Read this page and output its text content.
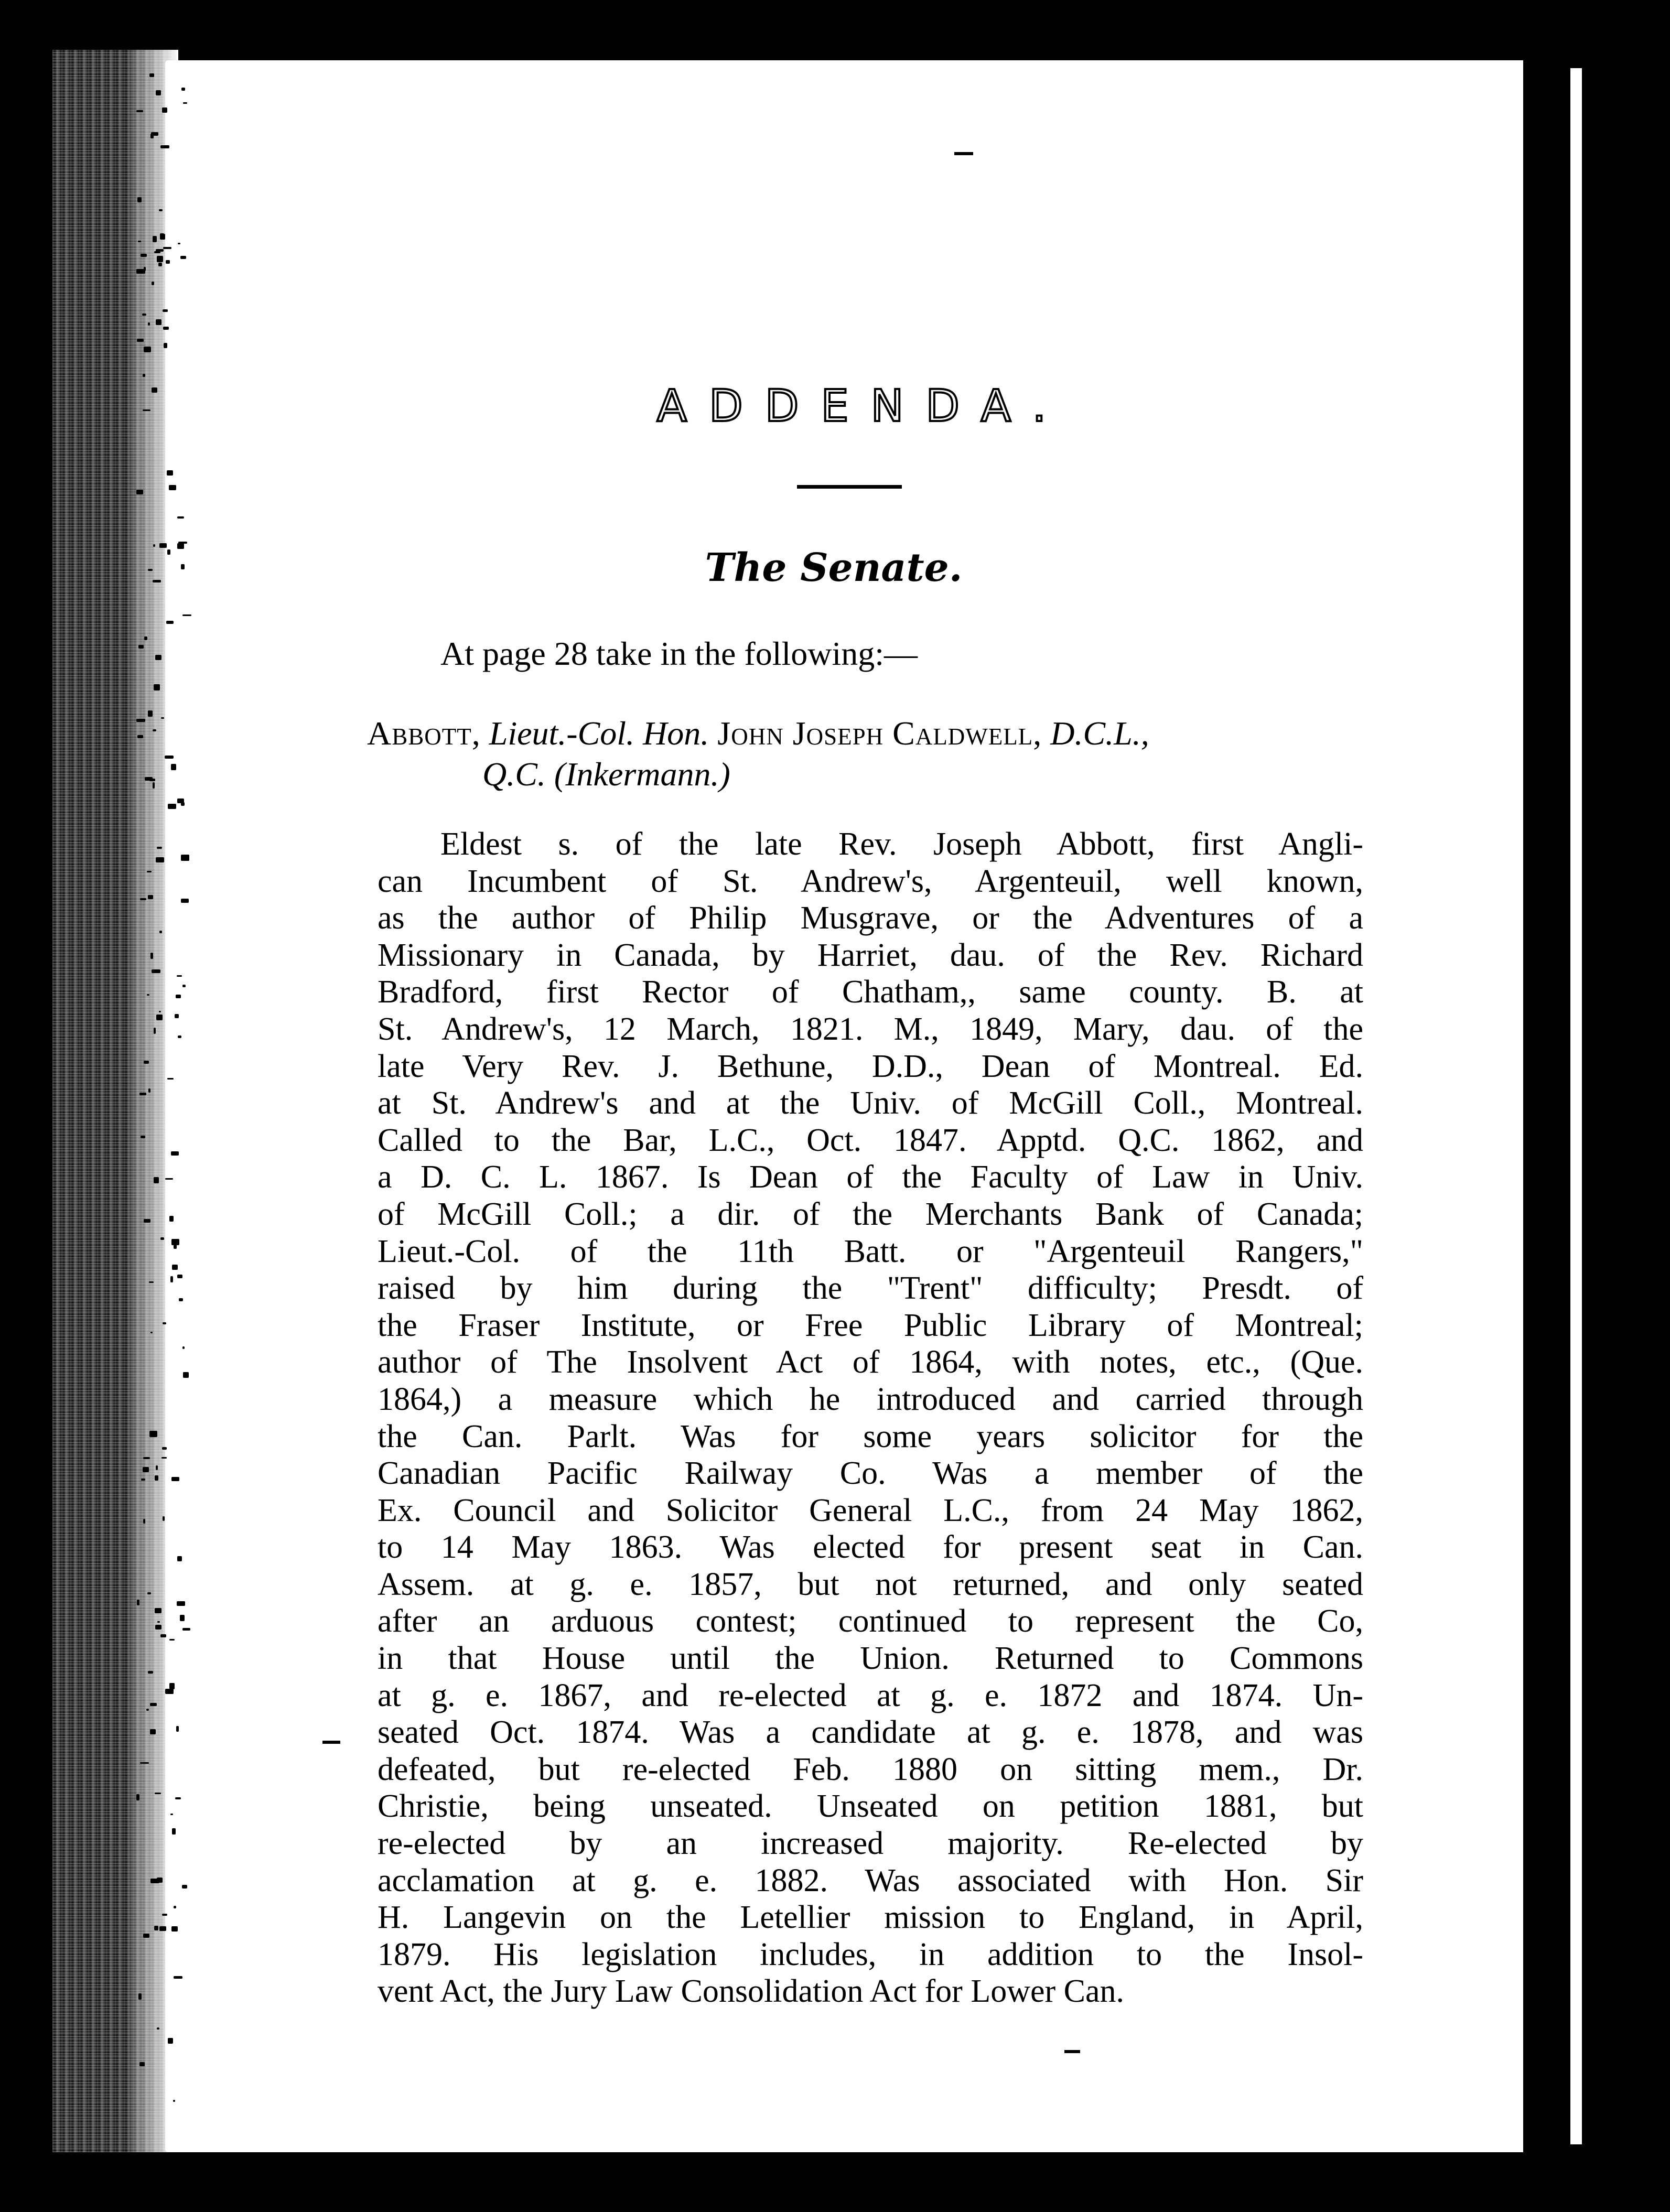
ADDENDA.
The Senate.
At page 28 take in the following:—
Abbott, Lieut.-Col. Hon. John Joseph Caldwell, D.C.L.,
Q.C. (Inkermann.)
Eldest s. of the late Rev. Joseph Abbott, first Angli-
can Incumbent of St. Andrew's, Argenteuil, well known,
as the author of Philip Musgrave, or the Adventures of a
Missionary in Canada, by Harriet, dau. of the Rev. Richard
Bradford, first Rector of Chatham,, same county. B. at
St. Andrew's, 12 March, 1821. M., 1849, Mary, dau. of the
late Very Rev. J. Bethune, D.D., Dean of Montreal. Ed.
at St. Andrew's and at the Univ. of McGill Coll., Montreal.
Called to the Bar, L.C., Oct. 1847. Apptd. Q.C. 1862, and
a D. C. L. 1867. Is Dean of the Faculty of Law in Univ.
of McGill Coll.; a dir. of the Merchants Bank of Canada;
Lieut.-Col. of the 11th Batt. or "Argenteuil Rangers,"
raised by him during the "Trent" difficulty; Presdt. of
the Fraser Institute, or Free Public Library of Montreal;
author of The Insolvent Act of 1864, with notes, etc., (Que.
1864,) a measure which he introduced and carried through
the Can. Parlt. Was for some years solicitor for the
Canadian Pacific Railway Co. Was a member of the
Ex. Council and Solicitor General L.C., from 24 May 1862,
to 14 May 1863. Was elected for present seat in Can.
Assem. at g. e. 1857, but not returned, and only seated
after an arduous contest; continued to represent the Co,
in that House until the Union. Returned to Commons
at g. e. 1867, and re-elected at g. e. 1872 and 1874. Un-
seated Oct. 1874. Was a candidate at g. e. 1878, and was
defeated, but re-elected Feb. 1880 on sitting mem., Dr.
Christie, being unseated. Unseated on petition 1881, but
re-elected by an increased majority. Re-elected by
acclamation at g. e. 1882. Was associated with Hon. Sir
H. Langevin on the Letellier mission to England, in April,
1879. His legislation includes, in addition to the Insol-
vent Act, the Jury Law Consolidation Act for Lower Can.
